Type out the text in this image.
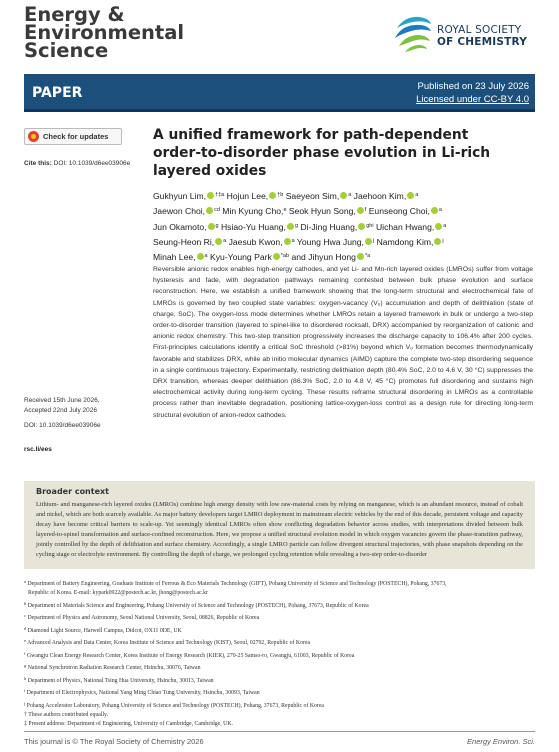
Energy &
Environmental
Science
ROYAL SOCIETY
OF CHEMISTRY
PAPER	Published on 23 July 2026
Licensed under CC-BY 4.0
Check for updates
Cite this: DOI: 10.1039/d6ee03906e
A unified framework for path-dependent
order-to-disorder phase evolution in Li-rich
layered oxides
Gukhyun Lim, $^{\dagger\ddagger a}$ Hojun Lee, $^{\dagger b}$ Saeyeon Sim, $^a$ Jaehoon Kim, $^a$
Jaewon Choi, $^{cd}$ Min Kyung Cho,$^e$ Seok Hyun Song, $^f$ Eunseong Choi, $^a$
Jun Okamoto, $^g$ Hsiao-Yu Huang, $^g$ Di-Jing Huang, $^{ghi}$ Uichan Hwang, $^a$
Seung-Heon Ri, $^a$ Jaesub Kwon, $^a$ Young Hwa Jung, $^j$ Namdong Kim, $^j$
Minah Lee, $^a$ Kyu-Young Park $^{*ab}$ and Jihyun Hong $^{*a}$
Reversible anionic redox enables high-energy cathodes, and yet Li- and Mn-rich layered oxides (LMROs) suffer from voltage hysteresis and fade, with degradation pathways remaining contested between bulk phase evolution and surface reconstruction. Here, we establish a unified framework showing that the long-term structural and electrochemical fate of LMROs is governed by two coupled state variables: oxygen-vacancy (Vₒ) accumulation and depth of delithiation (state of charge, SoC). The oxygen-loss mode determines whether LMROs retain a layered framework in bulk or undergo a two-step order-to-disorder transition (layered to spinel-like to disordered rocksalt, DRX) accompanied by reorganization of cationic and anionic redox chemistry. This two-step transition progressively increases the discharge capacity to 106.4% after 200 cycles. First-principles calculations identify a critical SoC threshold (>81%) beyond which Vₒ formation becomes thermodynamically favorable and stabilizes DRX, while ab initio molecular dynamics (AIMD) capture the complete two-step disordering sequence in a single continuous trajectory. Experimentally, restricting delithiation depth (80.4% SoC, 2.0 to 4.6 V, 30 °C) suppresses the DRX transition, whereas deeper delithiation (86.3% SoC, 2.0 to 4.8 V, 45 °C) promotes full disordering and sustains high electrochemical activity during long-term cycling. These results reframe structural disordering in LMROs as a controllable process rather than inevitable degradation, positioning lattice-oxygen-loss control as a design rule for directing long-term structural evolution of anion-redox cathodes.
Received 15th June 2026,
Accepted 22nd July 2026
DOI: 10.1039/d6ee03906e
rsc.li/ees
Broader context
Lithium- and manganese-rich layered oxides (LMROs) combine high energy density with low raw-material costs by relying on manganese, which is an abundant resource, instead of cobalt and nickel, which are both scarcely available. As major battery developers target LMRO deployment in mainstream electric vehicles by the end of this decade, persistent voltage and capacity decay have become critical barriers to scale-up. Yet seemingly identical LMROs often show conflicting degradation behavior across studies, with interpretations divided between bulk layered-to-spinel transformation and surface-confined reconstruction. Here, we propose a unified structural evolution model in which oxygen vacancies govern the phase-transition pathway, jointly controlled by the depth of delithiation and surface chemistry. Accordingly, a single LMRO particle can follow divergent structural trajectories, with phase snapshots depending on the cycling stage or electrolyte environment. By controlling the depth of charge, we prolonged cycling retention while revealing a two-step order-to-disorder
$^a$ Department of Battery Engineering, Graduate Institute of Ferrous & Eco Materials Technology (GIFT), Pohang University of Science and Technology (POSTECH), Pohang, 37673,
Republic of Korea. E-mail: kypark0922@postech.ac.kr, jhong@postech.ac.kr
$^b$ Department of Materials Science and Engineering, Pohang University of Science and Technology (POSTECH), Pohang, 37673, Republic of Korea
$^c$ Department of Physics and Astronomy, Seoul National University, Seoul, 08826, Republic of Korea
$^d$ Diamond Light Source, Harwell Campus, Didcot, OX11 0DE, UK
$^e$ Advanced Analysis and Data Center, Korea Institute of Science and Technology (KIST), Seoul, 02792, Republic of Korea
$^f$ Gwangju Clean Energy Research Center, Korea Institute of Energy Research (KIER), 270-25 Samso-ro, Gwangju, 61003, Republic of Korea
$^g$ National Synchrotron Radiation Research Center, Hsinchu, 30076, Taiwan
$^h$ Department of Physics, National Tsing Hua University, Hsinchu, 30013, Taiwan
$^i$ Department of Electrophysics, National Yang Ming Chiao Tung University, Hsinchu, 30093, Taiwan
$^j$ Pohang Accelerator Laboratory, Pohang University of Science and Technology (POSTECH), Pohang, 37673, Republic of Korea
† These authors contributed equally.
‡ Present address: Department of Engineering, University of Cambridge, Cambridge, UK.
This journal is © The Royal Society of Chemistry 2026	Energy Environ. Sci.
